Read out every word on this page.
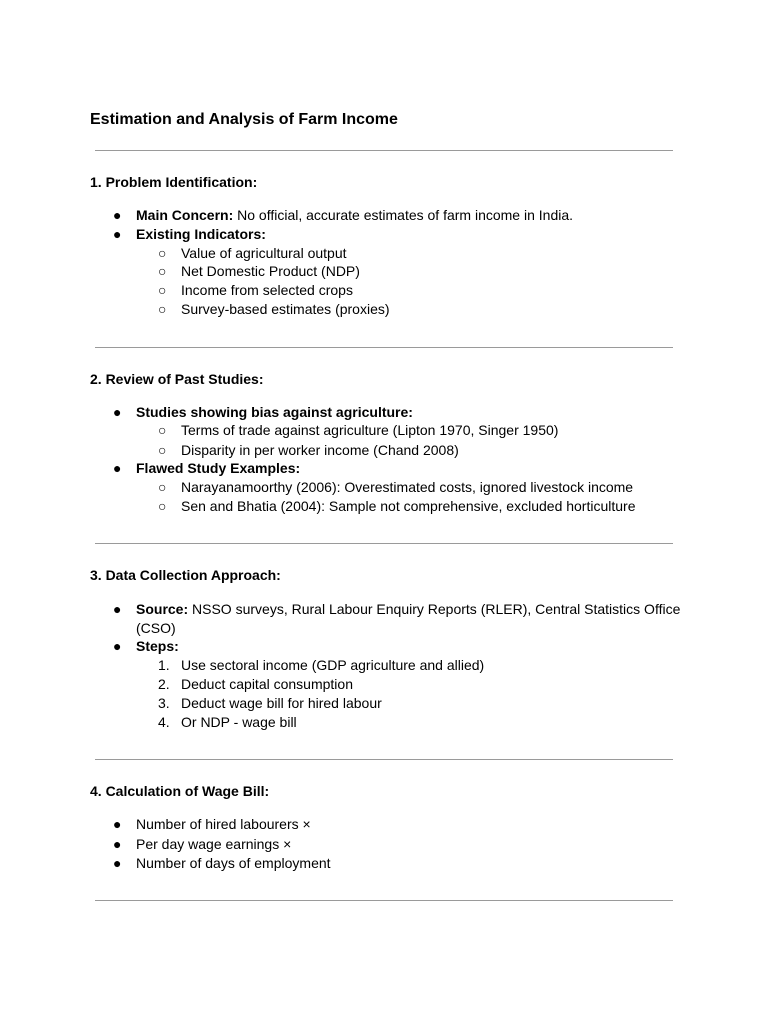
Estimation and Analysis of Farm Income
1. Problem Identification:

● Main Concern: No official, accurate estimates of farm income in India.

● Existing Indicators:

○ Value of agricultural output

○ Net Domestic Product (NDP)

○ Income from selected crops

○ Survey-based estimates (proxies)

2. Review of Past Studies:

● Studies showing bias against agriculture:

○ Terms of trade against agriculture (Lipton 1970, Singer 1950)

○ Disparity in per worker income (Chand 2008)

● Flawed Study Examples:

○ Narayanamoorthy (2006): Overestimated costs, ignored livestock income

○ Sen and Bhatia (2004): Sample not comprehensive, excluded horticulture

3. Data Collection Approach:

● Source: NSSO surveys, Rural Labour Enquiry Reports (RLER), Central Statistics Office (CSO)

● Steps:

1. Use sectoral income (GDP agriculture and allied)

2. Deduct capital consumption

3. Deduct wage bill for hired labour

4. Or NDP - wage bill

4. Calculation of Wage Bill:

● Number of hired labourers ×

● Per day wage earnings ×

● Number of days of employment
